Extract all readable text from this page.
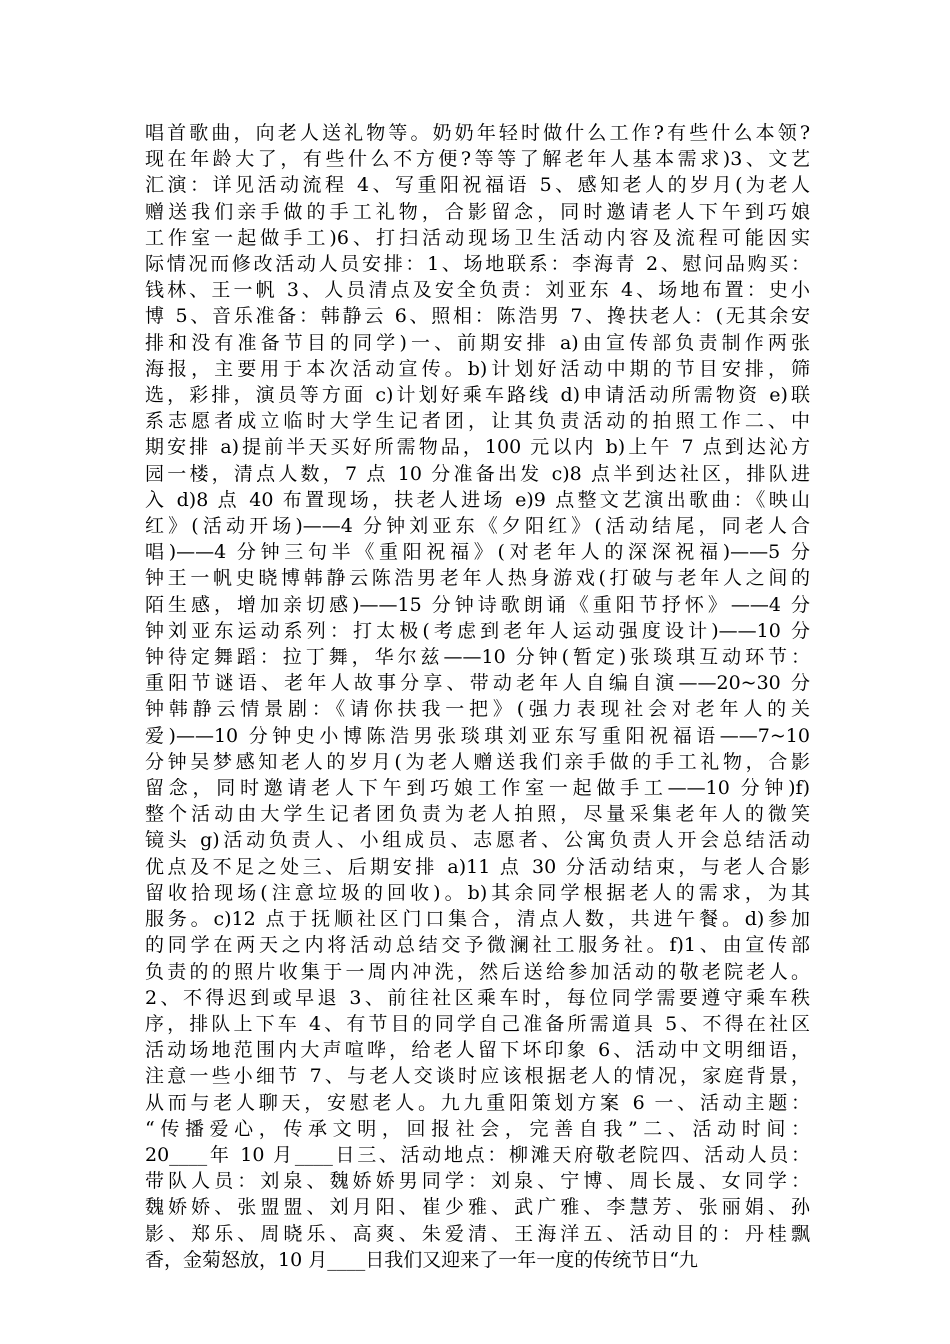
唱首歌曲，向老人送礼物等。奶奶年轻时做什么工作?有些什么本领?
现在年龄大了，有些什么不方便?等等了解老年人基本需求)3、文艺
汇演：详见活动流程 4、写重阳祝福语 5、感知老人的岁月(为老人
赠送我们亲手做的手工礼物，合影留念，同时邀请老人下午到巧娘
工作室一起做手工)6、打扫活动现场卫生活动内容及流程可能因实
际情况而修改活动人员安排：1、场地联系：李海青 2、慰问品购买：
钱林、王一帆 3、人员清点及安全负责：刘亚东 4、场地布置：史小
博 5、音乐准备：韩静云 6、照相：陈浩男 7、搀扶老人：(无其余安
排和没有准备节目的同学)一、前期安排 a)由宣传部负责制作两张
海报，主要用于本次活动宣传。b)计划好活动中期的节目安排，筛
选，彩排，演员等方面 c)计划好乘车路线 d)申请活动所需物资 e)联
系志愿者成立临时大学生记者团，让其负责活动的拍照工作二、中
期安排 a)提前半天买好所需物品，100 元以内 b)上午 7 点到达沁方
园一楼，清点人数，7 点 10 分准备出发 c)8 点半到达社区，排队进
入 d)8 点 40 布置现场，扶老人进场 e)9 点整文艺演出歌曲：《映山
红》(活动开场)——4 分钟刘亚东《夕阳红》(活动结尾，同老人合
唱)——4 分钟三句半《重阳祝福》(对老年人的深深祝福)——5 分
钟王一帆史晓博韩静云陈浩男老年人热身游戏(打破与老年人之间的
陌生感，增加亲切感)——15 分钟诗歌朗诵《重阳节抒怀》——4 分
钟刘亚东运动系列：打太极(考虑到老年人运动强度设计)——10 分
钟待定舞蹈：拉丁舞，华尔兹——10 分钟(暂定)张琰琪互动环节：
重阳节谜语、老年人故事分享、带动老年人自编自演——20~30 分
钟韩静云情景剧：《请你扶我一把》(强力表现社会对老年人的关
爱)——10 分钟史小博陈浩男张琰琪刘亚东写重阳祝福语——7~10
分钟吴梦感知老人的岁月(为老人赠送我们亲手做的手工礼物，合影
留念，同时邀请老人下午到巧娘工作室一起做手工——10 分钟)f)
整个活动由大学生记者团负责为老人拍照，尽量采集老年人的微笑
镜头 g)活动负责人、小组成员、志愿者、公寓负责人开会总结活动
优点及不足之处三、后期安排 a)11 点 30 分活动结束，与老人合影
留收拾现场(注意垃圾的回收)。b)其余同学根据老人的需求，为其
服务。c)12 点于抚顺社区门口集合，清点人数，共进午餐。d)参加
的同学在两天之内将活动总结交予微澜社工服务社。f)1、由宣传部
负责的的照片收集于一周内冲洗，然后送给参加活动的敬老院老人。
2、不得迟到或早退 3、前往社区乘车时，每位同学需要遵守乘车秩
序，排队上下车 4、有节目的同学自己准备所需道具 5、不得在社区
活动场地范围内大声喧哗，给老人留下坏印象 6、活动中文明细语，
注意一些小细节 7、与老人交谈时应该根据老人的情况，家庭背景，
从而与老人聊天，安慰老人。九九重阳策划方案 6 一、活动主题：
“传播爱心，传承文明，回报社会，完善自我”二、活动时间：
20____年 10 月____日三、活动地点：柳滩天府敬老院四、活动人员：
带队人员：刘泉、魏娇娇男同学：刘泉、宁博、周长晟、女同学：
魏娇娇、张盟盟、刘月阳、崔少雅、武广雅、李慧芳、张丽娟、孙
影、郑乐、周晓乐、高爽、朱爱清、王海洋五、活动目的：丹桂飘
香，金菊怒放，10 月____日我们又迎来了一年一度的传统节日“九
